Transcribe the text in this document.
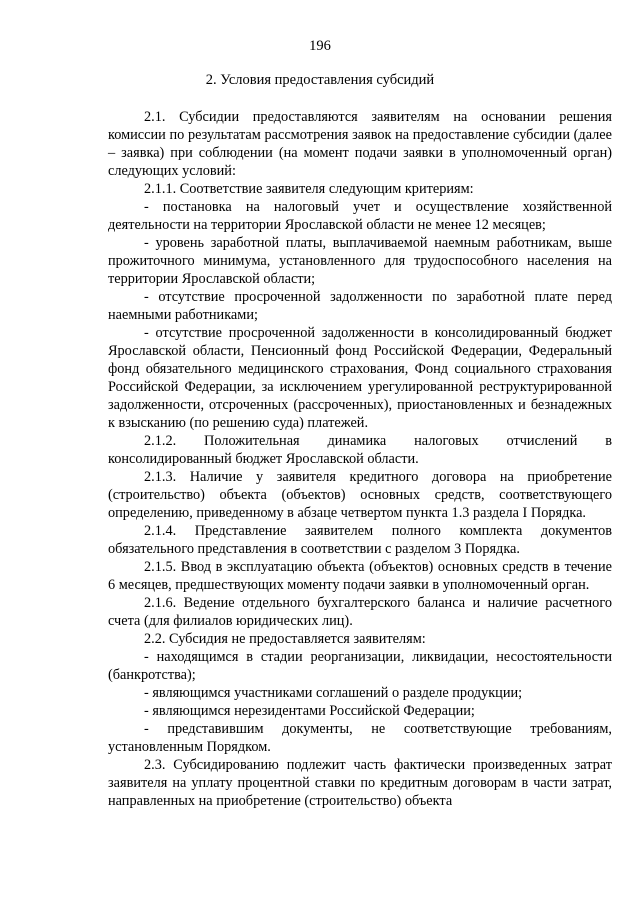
196
2. Условия предоставления субсидий

2.1. Субсидии предоставляются заявителям на основании решения комиссии по результатам рассмотрения заявок на предоставление субсидии (далее – заявка) при соблюдении (на момент подачи заявки в уполномоченный орган) следующих условий:

2.1.1. Соответствие заявителя следующим критериям:

- постановка на налоговый учет и осуществление хозяйственной деятельности на территории Ярославской области не менее 12 месяцев;

- уровень заработной платы, выплачиваемой наемным работникам, выше прожиточного минимума, установленного для трудоспособного населения на территории Ярославской области;

- отсутствие просроченной задолженности по заработной плате перед наемными работниками;

- отсутствие просроченной задолженности в консолидированный бюджет Ярославской области, Пенсионный фонд Российской Федерации, Федеральный фонд обязательного медицинского страхования, Фонд социального страхования Российской Федерации, за исключением урегулированной реструктурированной задолженности, отсроченных (рассроченных), приостановленных и безнадежных к взысканию (по решению суда) платежей.

2.1.2. Положительная динамика налоговых отчислений в консолидированный бюджет Ярославской области.

2.1.3. Наличие у заявителя кредитного договора на приобретение (строительство) объекта (объектов) основных средств, соответствующего определению, приведенному в абзаце четвертом пункта 1.3 раздела I Порядка.

2.1.4. Представление заявителем полного комплекта документов обязательного представления в соответствии с разделом 3 Порядка.

2.1.5. Ввод в эксплуатацию объекта (объектов) основных средств в течение 6 месяцев, предшествующих моменту подачи заявки в уполномоченный орган.

2.1.6. Ведение отдельного бухгалтерского баланса и наличие расчетного счета (для филиалов юридических лиц).

2.2. Субсидия не предоставляется заявителям:

- находящимся в стадии реорганизации, ликвидации, несостоятельности (банкротства);

- являющимся участниками соглашений о разделе продукции;

- являющимся нерезидентами Российской Федерации;

- представившим документы, не соответствующие требованиям, установленным Порядком.

2.3. Субсидированию подлежит часть фактически произведенных затрат заявителя на уплату процентной ставки по кредитным договорам в части затрат, направленных на приобретение (строительство) объекта
